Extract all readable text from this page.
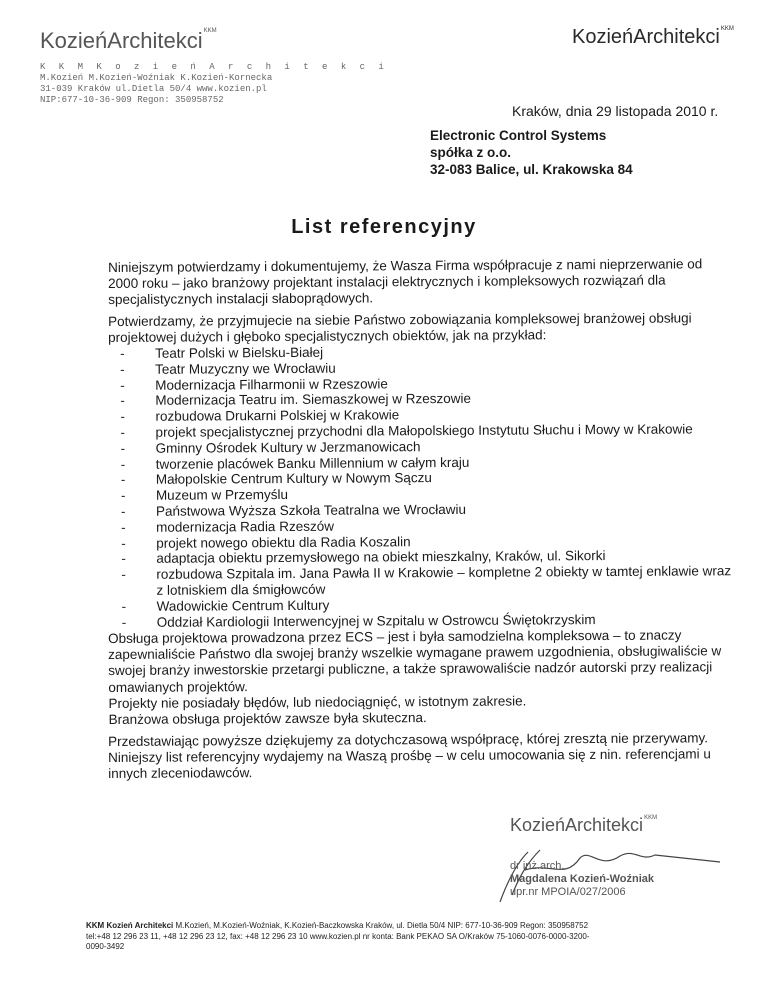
KozieńArchitekci$^{KKM}$	KozieńArchitekci$^{KKM}$
K K M K o z i e ń A r c h i t e k c i
M.Kozień M.Kozień-Woźniak K.Kozień-Kornecka
31-039 Kraków ul.Dietla 50/4 www.kozien.pl
NIP:677-10-36-909 Regon: 350958752
Kraków, dnia 29 listopada 2010 r.
Electronic Control Systems
spółka z o.o.
32-083 Balice, ul. Krakowska 84
List referencyjny
Niniejszym potwierdzamy i dokumentujemy, że Wasza Firma współpracuje z nami nieprzerwanie od 2000 roku – jako branżowy projektant instalacji elektrycznych i kompleksowych rozwiązań dla specjalistycznych instalacji słaboprądowych.
Potwierdzamy, że przyjmujecie na siebie Państwo zobowiązania kompleksowej branżowej obsługi projektowej dużych i głęboko specjalistycznych obiektów, jak na przykład:
- Teatr Polski w Bielsku-Białej
- Teatr Muzyczny we Wrocławiu
- Modernizacja Filharmonii w Rzeszowie
- Modernizacja Teatru im. Siemaszkowej w Rzeszowie
- rozbudowa Drukarni Polskiej w Krakowie
- projekt specjalistycznej przychodni dla Małopolskiego Instytutu Słuchu i Mowy w Krakowie
- Gminny Ośrodek Kultury w Jerzmanowicach
- tworzenie placówek Banku Millennium w całym kraju
- Małopolskie Centrum Kultury w Nowym Sączu
- Muzeum w Przemyślu
- Państwowa Wyższa Szkoła Teatralna we Wrocławiu
- modernizacja Radia Rzeszów
- projekt nowego obiektu dla Radia Koszalin
- adaptacja obiektu przemysłowego na obiekt mieszkalny, Kraków, ul. Sikorki
- rozbudowa Szpitala im. Jana Pawła II w Krakowie – kompletne 2 obiekty w tamtej enklawie wraz z lotniskiem dla śmigłowców
- Wadowickie Centrum Kultury
- Oddział Kardiologii Interwencyjnej w Szpitalu w Ostrowcu Świętokrzyskim
Obsługa projektowa prowadzona przez ECS – jest i była samodzielna kompleksowa – to znaczy zapewnialiście Państwo dla swojej branży wszelkie wymagane prawem uzgodnienia, obsługiwaliście w swojej branży inwestorskie przetargi publiczne, a także sprawowaliście nadzór autorski przy realizacji omawianych projektów.
Projekty nie posiadały błędów, lub niedociągnięć, w istotnym zakresie.
Branżowa obsługa projektów zawsze była skuteczna.
Przedstawiając powyższe dziękujemy za dotychczasową współpracę, której zresztą nie przerywamy.
Niniejszy list referencyjny wydajemy na Waszą prośbę – w celu umocowania się z nin. referencjami u innych zleceniodawców.
KozieńArchitekci$^{KKM}$
dr inż.arch.
Magdalena Kozień-Woźniak
upr.nr MPOIA/027/2006
KKM Kozień Architekci M.Kozień, M.Kozień-Woźniak, K.Kozień-Baczkowska Kraków, ul. Dietla 50/4 NIP: 677-10-36-909 Regon: 350958752
tel:+48 12 296 23 11, +48 12 296 23 12, fax: +48 12 296 23 10 www.kozien.pl nr konta: Bank PEKAO SA O/Kraków 75-1060-0076-0000-3200-
0090-3492
